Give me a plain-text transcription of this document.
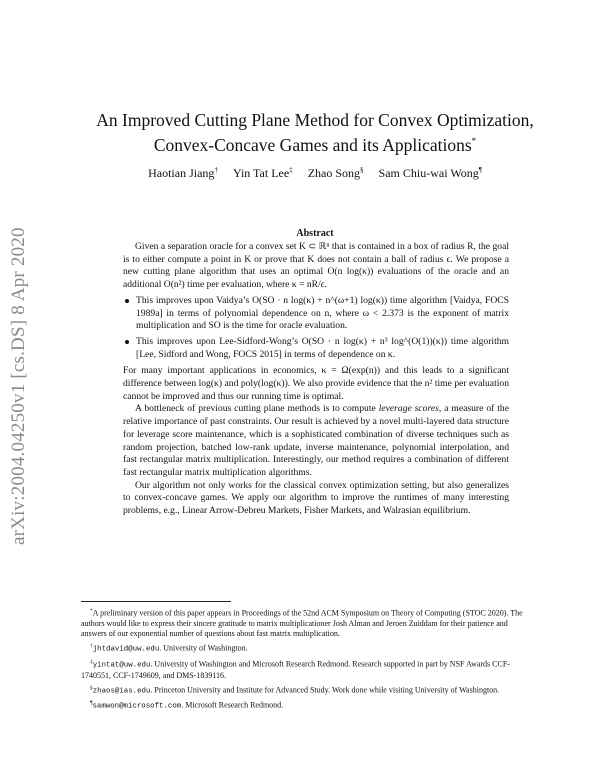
arXiv:2004.04250v1 [cs.DS] 8 Apr 2020
An Improved Cutting Plane Method for Convex Optimization,
Convex-Concave Games and its Applications*
Haotian Jiang† Yin Tat Lee‡ Zhao Song§ Sam Chiu-wai Wong¶
Abstract

Given a separation oracle for a convex set K ⊂ ℝⁿ that is contained in a box of radius R, the goal is to either compute a point in K or prove that K does not contain a ball of radius ϵ. We propose a new cutting plane algorithm that uses an optimal O(n log(κ)) evaluations of the oracle and an additional O(n²) time per evaluation, where κ = nR/ϵ.

This improves upon Vaidya’s O(SO · n log(κ) + n^(ω+1) log(κ)) time algorithm [Vaidya, FOCS 1989a] in terms of polynomial dependence on n, where ω < 2.373 is the exponent of matrix multiplication and SO is the time for oracle evaluation.
This improves upon Lee-Sidford-Wong’s O(SO · n log(κ) + n³ log^(O(1))(κ)) time algorithm [Lee, Sidford and Wong, FOCS 2015] in terms of dependence on κ.

For many important applications in economics, κ = Ω(exp(n)) and this leads to a significant difference between log(κ) and poly(log(κ)). We also provide evidence that the n² time per evaluation cannot be improved and thus our running time is optimal.

A bottleneck of previous cutting plane methods is to compute leverage scores, a measure of the relative importance of past constraints. Our result is achieved by a novel multi-layered data structure for leverage score maintenance, which is a sophisticated combination of diverse techniques such as random projection, batched low-rank update, inverse maintenance, polynomial interpolation, and fast rectangular matrix multiplication. Interestingly, our method requires a combination of different fast rectangular matrix multiplication algorithms.

Our algorithm not only works for the classical convex optimization setting, but also generalizes to convex-concave games. We apply our algorithm to improve the runtimes of many interesting problems, e.g., Linear Arrow-Debreu Markets, Fisher Markets, and Walrasian equilibrium.

*A preliminary version of this paper appears in Proceedings of the 52nd ACM Symposium on Theory of Computing (STOC 2020). The authors would like to express their sincere gratitude to matrix multiplicationer Josh Alman and Jeroen Zuiddam for their patience and answers of our exponential number of questions about fast matrix multiplication.

†jhtdavid@uw.edu. University of Washington.

‡yintat@uw.edu. University of Washington and Microsoft Research Redmond. Research supported in part by NSF Awards CCF-1740551, CCF-1749609, and DMS-1839116.

§zhaos@ias.edu. Princeton University and Institute for Advanced Study. Work done while visiting University of Washington.

¶samwon@microsoft.com. Microsoft Research Redmond.
